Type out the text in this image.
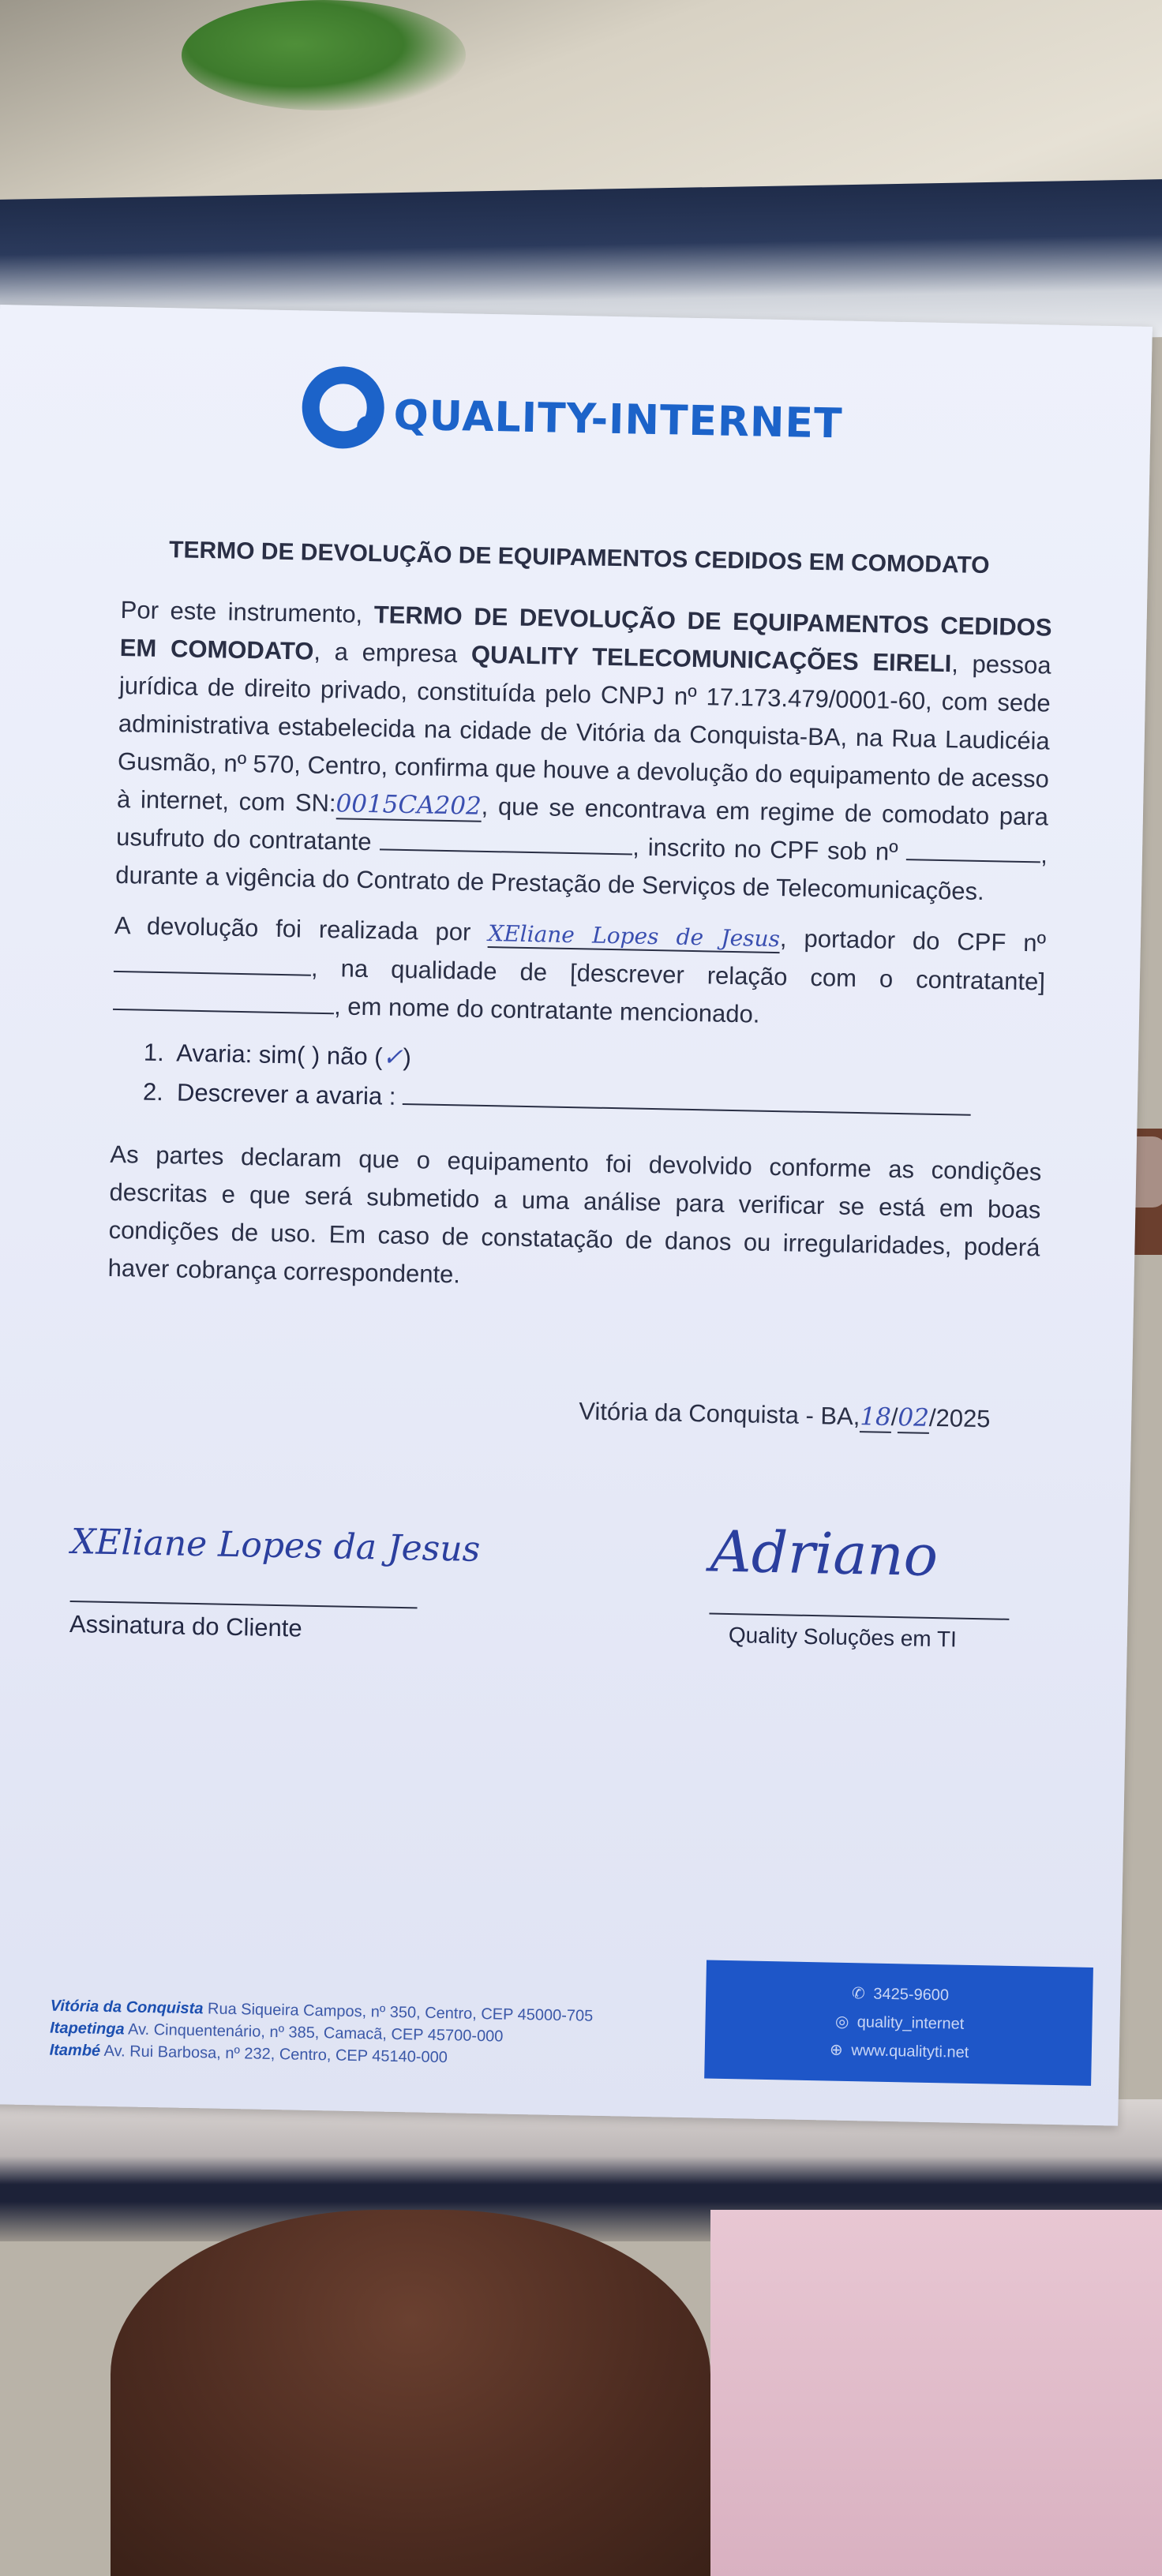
QUALITY-INTERNET
TERMO DE DEVOLUÇÃO DE EQUIPAMENTOS CEDIDOS EM COMODATO
Por este instrumento, TERMO DE DEVOLUÇÃO DE EQUIPAMENTOS CEDIDOS EM COMODATO, a empresa QUALITY TELECOMUNICAÇÕES EIRELI, pessoa jurídica de direito privado, constituída pelo CNPJ nº 17.173.479/0001-60, com sede administrativa estabelecida na cidade de Vitória da Conquista-BA, na Rua Laudicéia Gusmão, nº 570, Centro, confirma que houve a devolução do equipamento de acesso à internet, com SN:0015CA202, que se encontrava em regime de comodato para usufruto do contratante	, inscrito no CPF sob nº	, durante a vigência do Contrato de Prestação de Serviços de Telecomunicações.
A devolução foi realizada por XEliane Lopes de Jesus, portador do CPF nº , na qualidade de [descrever relação com o contratante], em nome do contratante mencionado.
1. Avaria: sim( ) não (✓)
2. Descrever a avaria :
As partes declaram que o equipamento foi devolvido conforme as condições descritas e que será submetido a uma análise para verificar se está em boas condições de uso. Em caso de constatação de danos ou irregularidades, poderá haver cobrança correspondente.
Vitória da Conquista - BA,18/02/2025
XEliane Lopes da Jesus	Adriano
Assinatura do Cliente	Quality Soluções em TI
Vitória da Conquista Rua Siqueira Campos, nº 350, Centro, CEP 45000-705
Itapetinga Av. Cinquentenário, nº 385, Camacã, CEP 45700-000
Itambé Av. Rui Barbosa, nº 232, Centro, CEP 45140-000
✆ 3425-9600
◎ quality_internet
⊕ www.qualityti.net
